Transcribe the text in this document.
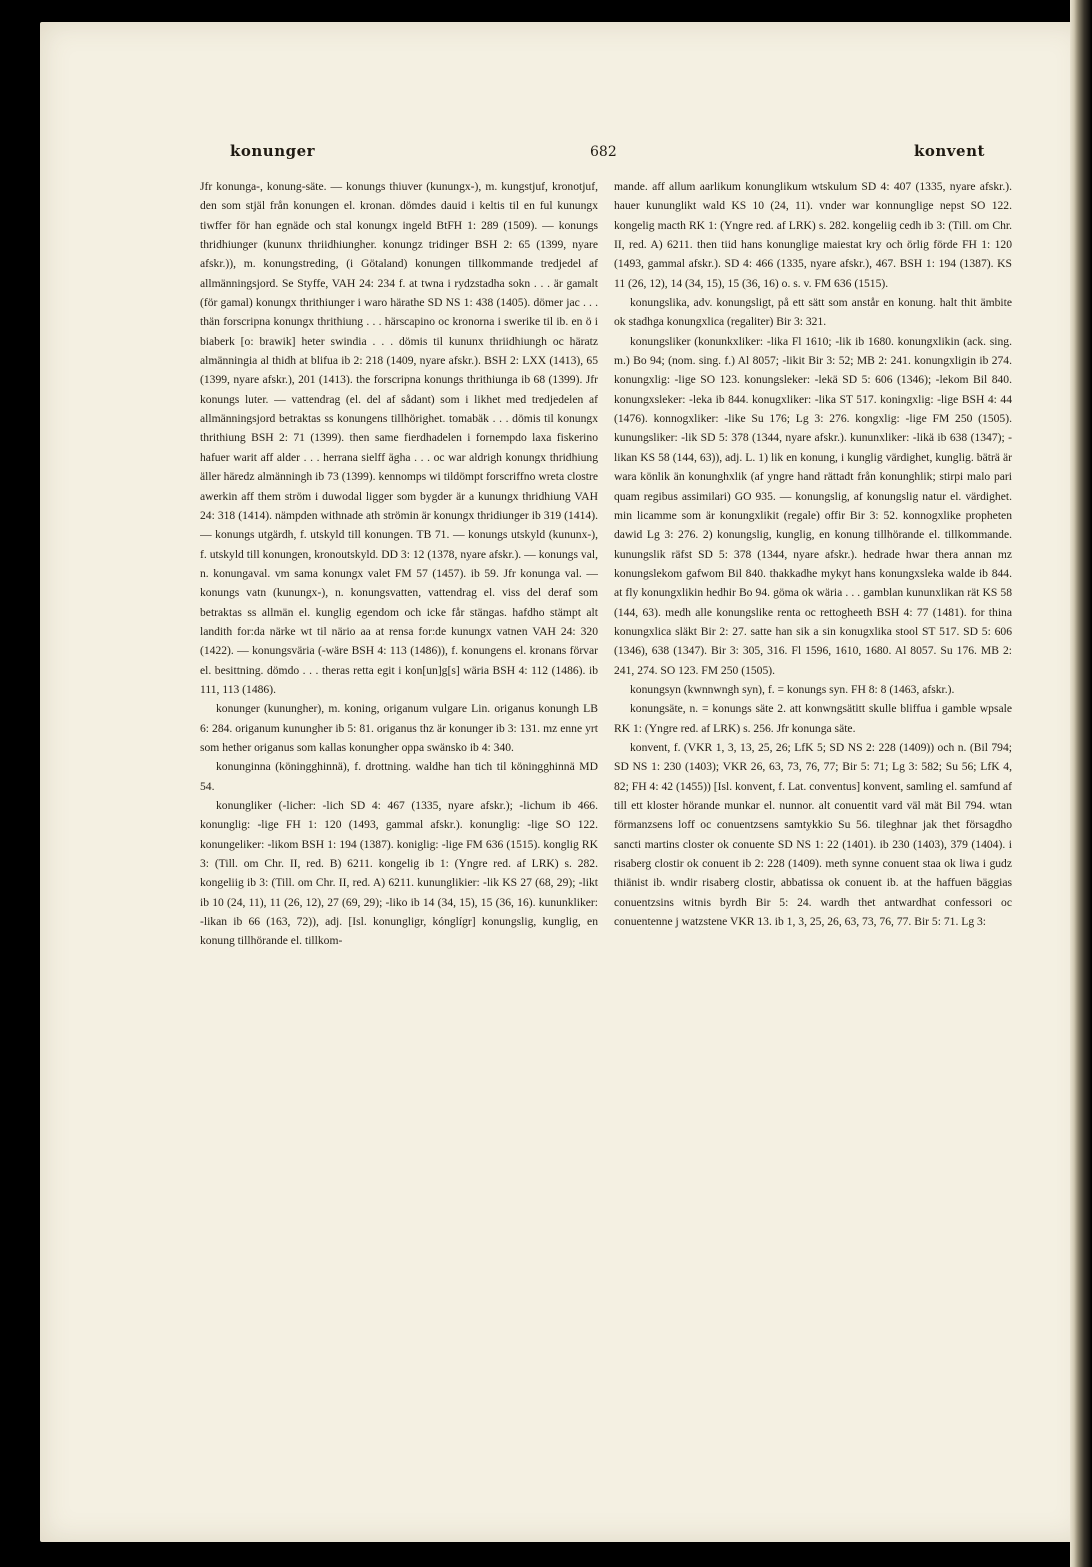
konunger	682	konvent

Jfr konunga-, konung-säte. — konungs thiuver (kunungx-), m. kungstjuf, kronotjuf, den som stjäl från konungen el. kronan. dömdes dauid i keltis til en ful kunungx tiwffer för han egnäde och stal konungx ingeld BtFH 1: 289 (1509). — konungs thridhiunger (kununx thriidhiungher. konungz tridinger BSH 2: 65 (1399, nyare afskr.)), m. konungstreding, (i Götaland) konungen tillkommande tredjedel af allmänningsjord. Se Styffe, VAH 24: 234 f. at twna i rydzstadha sokn . . . är gamalt (för gamal) konungx thrithiunger i waro härathe SD NS 1: 438 (1405). dömer jac . . . thän forscripna konungx thrithiung . . . härscapino oc kronorna i swerike til ib. en ö i biaberk [o: brawik] heter swindia . . . dömis til kununx thriidhiungh oc häratz almänningia al thidh at blifua ib 2: 218 (1409, nyare afskr.). BSH 2: LXX (1413), 65 (1399, nyare afskr.), 201 (1413). the forscripna konungs thrithiunga ib 68 (1399). Jfr konungs luter. — vattendrag (el. del af sådant) som i likhet med tredjedelen af allmänningsjord betraktas ss konungens tillhörighet. tomabäk . . . dömis til konungx thrithiung BSH 2: 71 (1399). then same fierdhadelen i fornempdo laxa fiskerino hafuer warit aff alder . . . herrana sielff ägha . . . oc war aldrigh konungx thridhiung äller häredz almänningh ib 73 (1399). kennomps wi tildömpt forscriffno wreta clostre awerkin aff them ström i duwodal ligger som bygder är a kunungx thridhiung VAH 24: 318 (1414). nämpden withnade ath strömin är konungx thridiunger ib 319 (1414). — konungs utgärdh, f. utskyld till konungen. TB 71. — konungs utskyld (kununx-), f. utskyld till konungen, kronoutskyld. DD 3: 12 (1378, nyare afskr.). — konungs val, n. konungaval. vm sama konungx valet FM 57 (1457). ib 59. Jfr konunga val. — konungs vatn (kunungx-), n. konungsvatten, vattendrag el. viss del deraf som betraktas ss allmän el. kunglig egendom och icke får stängas. hafdho stämpt alt landith for:da närke wt til närio aa at rensa for:de kunungx vatnen VAH 24: 320 (1422). — konungsväria (-wäre BSH 4: 113 (1486)), f. konungens el. kronans förvar el. besittning. dömdo . . . theras retta egit i kon[un]g[s] wäria BSH 4: 112 (1486). ib 111, 113 (1486).

konunger (kunungher), m. koning, origanum vulgare Lin. origanus konungh LB 6: 284. origanum kunungher ib 5: 81. origanus thz är konunger ib 3: 131. mz enne yrt som hether origanus som kallas konungher oppa swänsko ib 4: 340.

konunginna (köningghinnä), f. drottning. waldhe han tich til köningghinnä MD 54.

konungliker (-licher: -lich SD 4: 467 (1335, nyare afskr.); -lichum ib 466. konunglig: -lige FH 1: 120 (1493, gammal afskr.). konunglig: -lige SO 122. konungeliker: -likom BSH 1: 194 (1387). koniglig: -lige FM 636 (1515). konglig RK 3: (Till. om Chr. II, red. B) 6211. kongelig ib 1: (Yngre red. af LRK) s. 282. kongeliig ib 3: (Till. om Chr. II, red. A) 6211. kununglikier: -lik KS 27 (68, 29); -likt ib 10 (24, 11), 11 (26, 12), 27 (69, 29); -liko ib 14 (34, 15), 15 (36, 16). kununkliker: -likan ib 66 (163, 72)), adj. [Isl. konungligr, kónglígr] konungslig, kunglig, en konung tillhörande el. tillkom-

mande. aff allum aarlikum konunglikum wtskulum SD 4: 407 (1335, nyare afskr.). hauer kununglikt wald KS 10 (24, 11). vnder war konnunglige nepst SO 122. kongelig macth RK 1: (Yngre red. af LRK) s. 282. kongeliig cedh ib 3: (Till. om Chr. II, red. A) 6211. then tiid hans konunglige maiestat kry och örlig förde FH 1: 120 (1493, gammal afskr.). SD 4: 466 (1335, nyare afskr.), 467. BSH 1: 194 (1387). KS 11 (26, 12), 14 (34, 15), 15 (36, 16) o. s. v. FM 636 (1515).

konungslika, adv. konungsligt, på ett sätt som anstår en konung. halt thit ämbite ok stadhga konungxlica (regaliter) Bir 3: 321.

konungsliker (konunkxliker: -lika Fl 1610; -lik ib 1680. konungxlikin (ack. sing. m.) Bo 94; (nom. sing. f.) Al 8057; -likit Bir 3: 52; MB 2: 241. konungxligin ib 274. konungxlig: -lige SO 123. konungsleker: -lekä SD 5: 606 (1346); -lekom Bil 840. konungxsleker: -leka ib 844. konugxliker: -lika ST 517. koningxlig: -lige BSH 4: 44 (1476). konnogxliker: -like Su 176; Lg 3: 276. kongxlig: -lige FM 250 (1505). kunungsliker: -lik SD 5: 378 (1344, nyare afskr.). kununxliker: -likä ib 638 (1347); -likan KS 58 (144, 63)), adj. L. 1) lik en konung, i kunglig värdighet, kunglig. bäträ är wara könlik än konunghxlik (af yngre hand rättadt från konunghlik; stirpi malo pari quam regibus assimilari) GO 935. — konungslig, af konungslig natur el. värdighet. min licamme som är konungxlikit (regale) offir Bir 3: 52. konnogxlike propheten dawid Lg 3: 276. 2) konungslig, kunglig, en konung tillhörande el. tillkommande. kunungslik räfst SD 5: 378 (1344, nyare afskr.). hedrade hwar thera annan mz konungslekom gafwom Bil 840. thakkadhe mykyt hans konungxsleka walde ib 844. at fly konungxlikin hedhir Bo 94. göma ok wäria . . . gamblan kununxlikan rät KS 58 (144, 63). medh alle konungslike renta oc rettogheeth BSH 4: 77 (1481). for thina konungxlica släkt Bir 2: 27. satte han sik a sin konugxlika stool ST 517. SD 5: 606 (1346), 638 (1347). Bir 3: 305, 316. Fl 1596, 1610, 1680. Al 8057. Su 176. MB 2: 241, 274. SO 123. FM 250 (1505).

konungsyn (kwnnwngh syn), f. = konungs syn. FH 8: 8 (1463, afskr.).

konungsäte, n. = konungs säte 2. att konwngsätitt skulle bliffua i gamble wpsale RK 1: (Yngre red. af LRK) s. 256. Jfr konunga säte.

konvent, f. (VKR 1, 3, 13, 25, 26; LfK 5; SD NS 2: 228 (1409)) och n. (Bil 794; SD NS 1: 230 (1403); VKR 26, 63, 73, 76, 77; Bir 5: 71; Lg 3: 582; Su 56; LfK 4, 82; FH 4: 42 (1455)) [Isl. konvent, f. Lat. conventus] konvent, samling el. samfund af till ett kloster hörande munkar el. nunnor. alt conuentit vard väl mät Bil 794. wtan förmanzsens loff oc conuentzsens samtykkio Su 56. tileghnar jak thet försagdho sancti martins closter ok conuente SD NS 1: 22 (1401). ib 230 (1403), 379 (1404). i risaberg clostir ok conuent ib 2: 228 (1409). meth synne conuent staa ok liwa i gudz thiänist ib. wndir risaberg clostir, abbatissa ok conuent ib. at the haffuen bäggias conuentzsins witnis byrdh Bir 5: 24. wardh thet antwardhat confessori oc conuentenne j watzstene VKR 13. ib 1, 3, 25, 26, 63, 73, 76, 77. Bir 5: 71. Lg 3:
